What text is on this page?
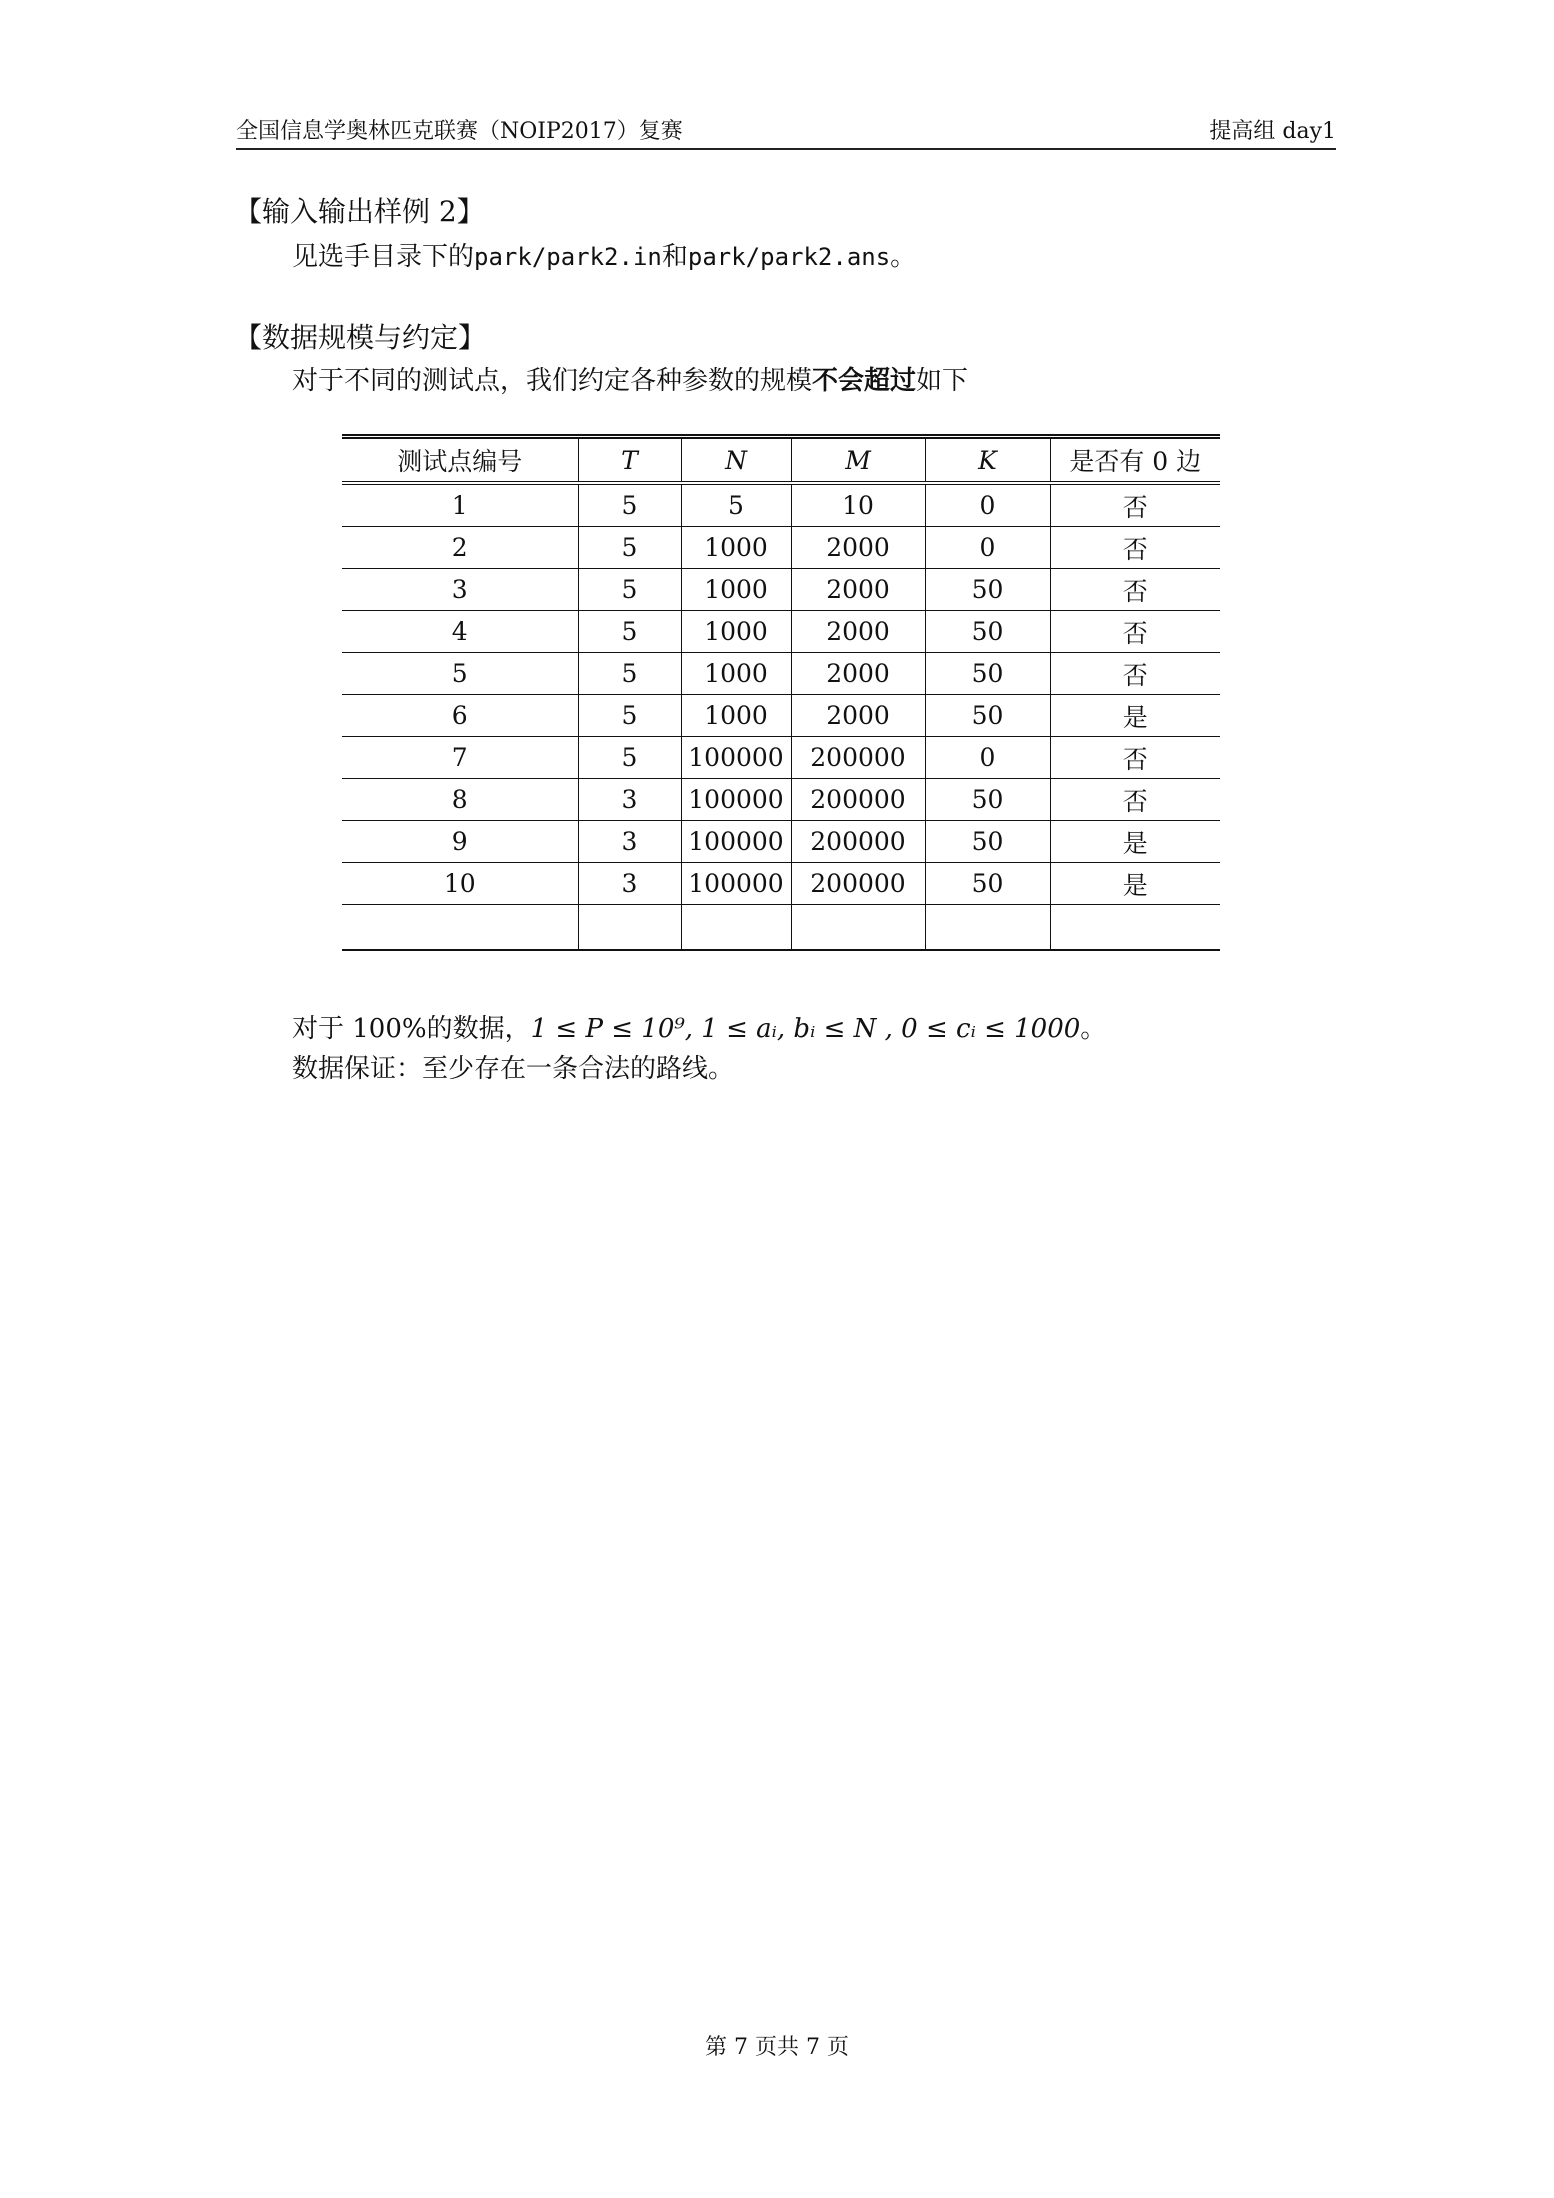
全国信息学奥林匹克联赛（NOIP2017）复赛	提高组 day1
【输入输出样例 2】
见选手目录下的park/park2.in和park/park2.ans。
【数据规模与约定】
对于不同的测试点，我们约定各种参数的规模不会超过如下
测试点编号	T	N	M	K	是否有 0 边
1	5	5	10	0	否
2	5	1000	2000	0	否
3	5	1000	2000	50	否
4	5	1000	2000	50	否
5	5	1000	2000	50	否
6	5	1000	2000	50	是
7	5	100000	200000	0	否
8	3	100000	200000	50	否
9	3	100000	200000	50	是
10	3	100000	200000	50	是

对于 100%的数据，1 ≤ P ≤ 10⁹, 1 ≤ aᵢ, bᵢ ≤ N , 0 ≤ cᵢ ≤ 1000。
数据保证：至少存在一条合法的路线。
第 7 页共 7 页
